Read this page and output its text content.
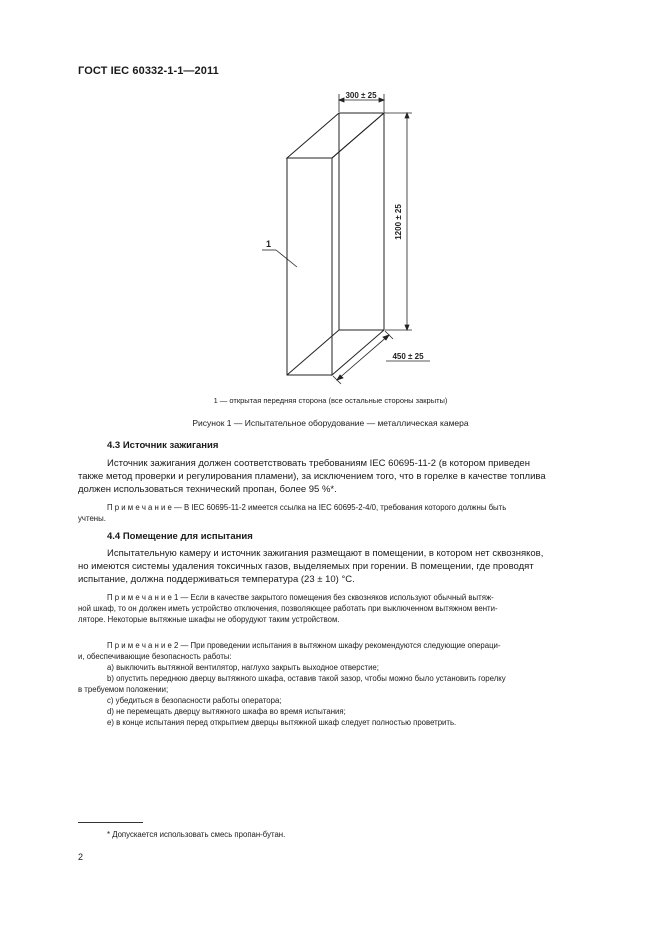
ГОСТ IEC 60332-1-1—2011
300 ± 25
1200 ± 25
450 ± 25
1
1 — открытая передняя сторона (все остальные стороны закрыты)
Рисунок 1 — Испытательное оборудование — металлическая камера
4.3 Источник зажигания
Источник зажигания должен соответствовать требованиям IEC 60695-11-2 (в котором приведен
также метод проверки и регулирования пламени), за исключением того, что в горелке в качестве топлива
должен использоваться технический пропан, более 95 %*.
П р и м е ч а н и е — В IEC 60695-11-2 имеется ссылка на IEC 60695-2-4/0, требования которого должны быть
учтены.
4.4 Помещение для испытания
Испытательную камеру и источник зажигания размещают в помещении, в котором нет сквозняков,
но имеются системы удаления токсичных газов, выделяемых при горении. В помещении, где проводят
испытание, должна поддерживаться температура (23 ± 10) °C.
П р и м е ч а н и е 1 — Если в качестве закрытого помещения без сквозняков используют обычный вытяж-
ной шкаф, то он должен иметь устройство отключения, позволяющее работать при выключенном вытяжном венти-
ляторе. Некоторые вытяжные шкафы не оборудуют таким устройством.
П р и м е ч а н и е 2 — При проведении испытания в вытяжном шкафу рекомендуются следующие операци-
и, обеспечивающие безопасность работы:
a) выключить вытяжной вентилятор, наглухо закрыть выходное отверстие;
b) опустить переднюю дверцу вытяжного шкафа, оставив такой зазор, чтобы можно было установить горелку
в требуемом положении;
c) убедиться в безопасности работы оператора;
d) не перемещать дверцу вытяжного шкафа во время испытания;
e) в конце испытания перед открытием дверцы вытяжной шкаф следует полностью проветрить.
* Допускается использовать смесь пропан-бутан.
2
